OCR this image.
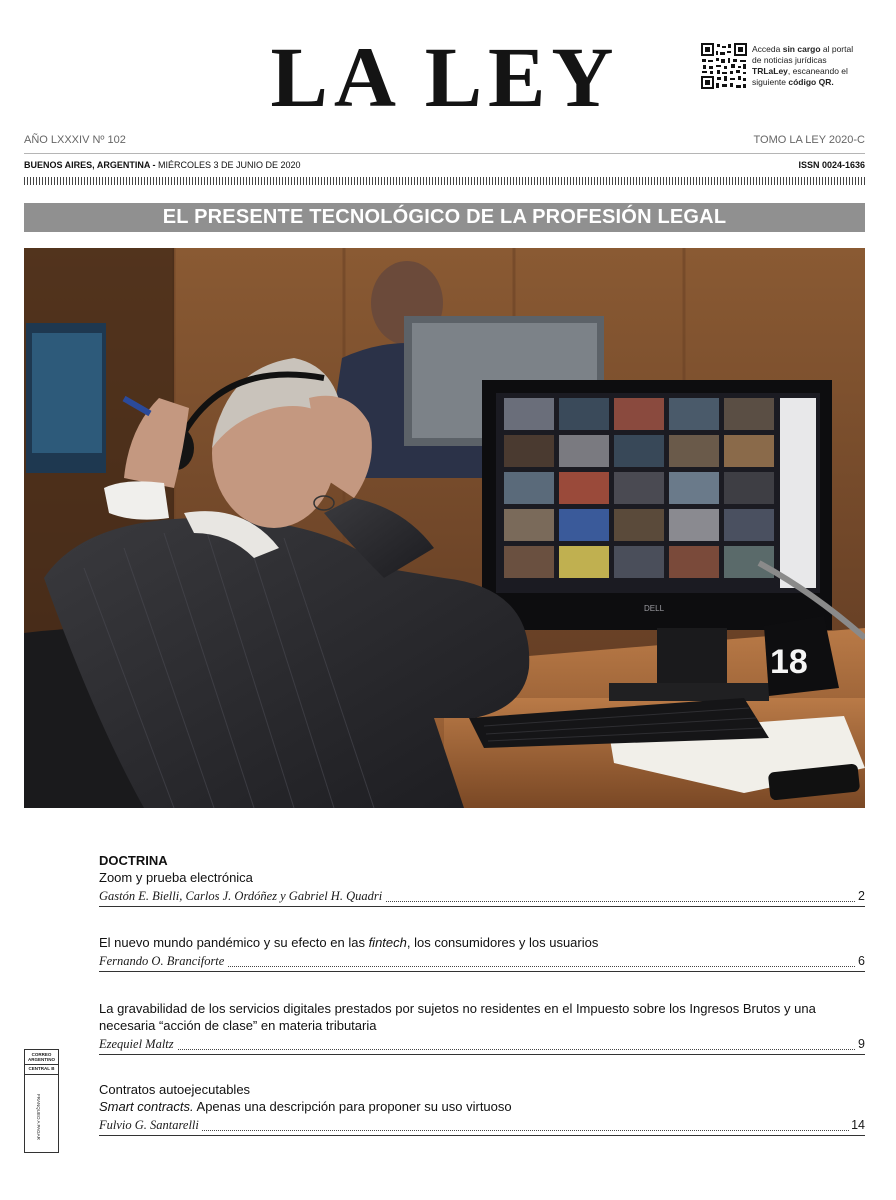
LA LEY	Acceda sin cargo al portal de noticias jurídicas TRLaLey, escaneando el siguiente código QR.
AÑO LXXXIV Nº 102	TOMO LA LEY 2020-C
BUENOS AIRES, ARGENTINA - MIÉRCOLES 3 DE JUNIO DE 2020	ISSN 0024-1636
EL PRESENTE TECNOLÓGICO DE LA PROFESIÓN LEGAL
DELL
18
DOCTRINA
Zoom y prueba electrónica
Gastón E. Bielli, Carlos J. Ordóñez y Gabriel H. Quadri	2
El nuevo mundo pandémico y su efecto en las fintech, los consumidores y los usuarios
Fernando O. Branciforte	6
La gravabilidad de los servicios digitales prestados por sujetos no residentes en el Impuesto sobre los Ingresos Brutos y una necesaria “acción de clase” en materia tributaria
Ezequiel Maltz	9
Contratos autoejecutables
Smart contracts. Apenas una descripción para proponer su uso virtuoso
Fulvio G. Santarelli	14
CORREO ARGENTINO
CENTRAL B
FRANQUEO A PAGAR
